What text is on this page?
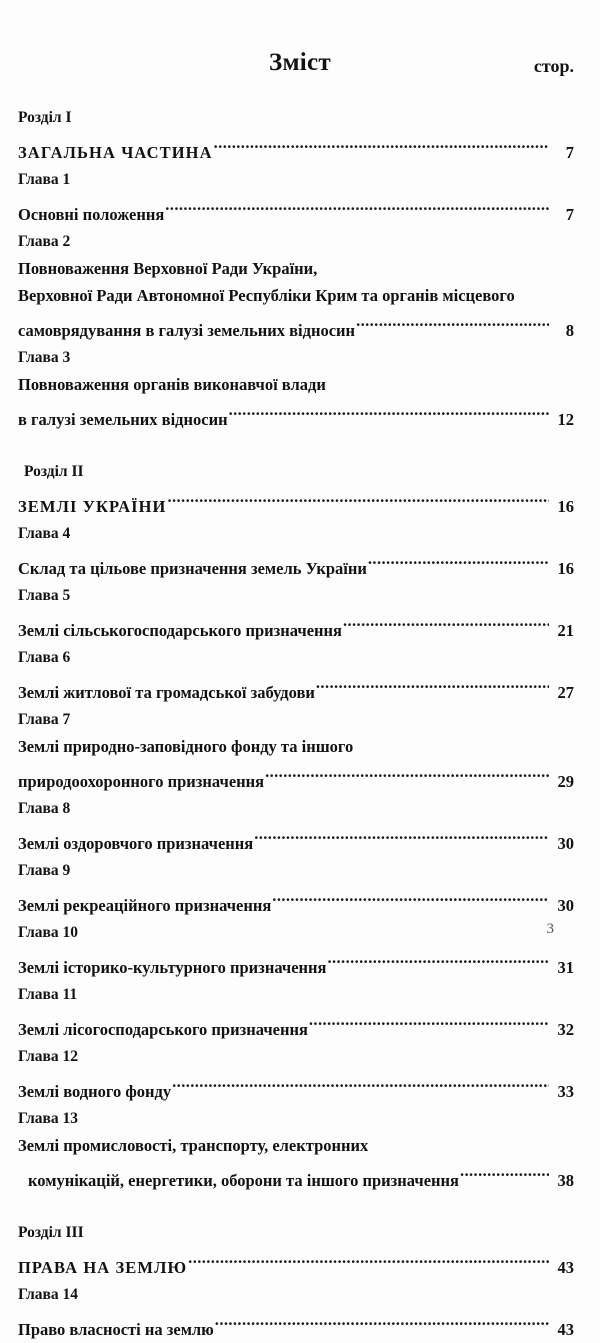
Зміст	стор.
Розділ I
ЗАГАЛЬНА ЧАСТИНА .....	7
Глава 1
Основні положення .....	7
Глава 2
Повноваження Верховної Ради України,
Верховної Ради Автономної Республіки Крим та органів місцевого
самоврядування в галузі земельних відносин .....	8
Глава 3
Повноваження органів виконавчої влади
в галузі земельних відносин .....	12
Розділ II
ЗЕМЛІ УКРАЇНИ .....	16
Глава 4
Склад та цільове призначення земель України .....	16
Глава 5
Землі сільськогосподарського призначення .....	21
Глава 6
Землі житлової та громадської забудови .....	27
Глава 7
Землі природно-заповідного фонду та іншого
природоохоронного призначення .....	29
Глава 8
Землі оздоровчого призначення .....	30
Глава 9
Землі рекреаційного призначення .....	30
Глава 10
Землі історико-культурного призначення .....	31
Глава 11
Землі лісогосподарського призначення .....	32
Глава 12
Землі водного фонду .....	33
Глава 13
Землі промисловості, транспорту, електронних
комунікацій, енергетики, оборони та іншого призначення .....	38
Розділ III
ПРАВА НА ЗЕМЛЮ .....	43
Глава 14
Право власності на землю .....	43
3
